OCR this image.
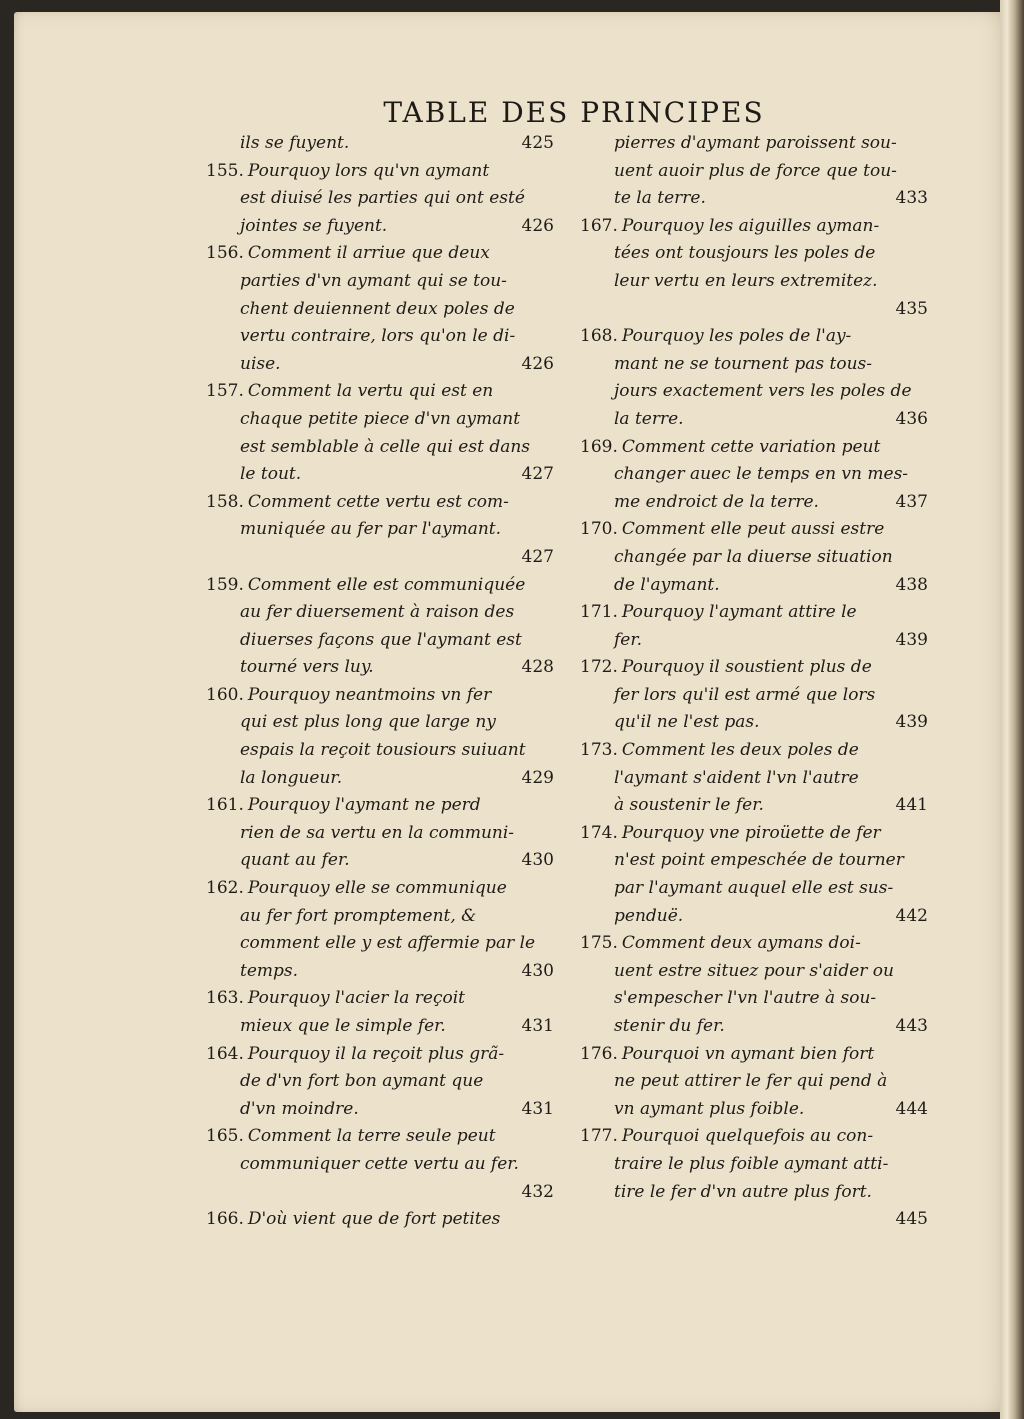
TABLE DES PRINCIPES
ils se fuyent.	425
155. Pourquoy lors qu'vn aymant
est diuisé les parties qui ont esté
jointes se fuyent.	426
156. Comment il arriue que deux
parties d'vn aymant qui se tou-
chent deuiennent deux poles de
vertu contraire, lors qu'on le di-
uise.	426
157. Comment la vertu qui est en
chaque petite piece d'vn aymant
est semblable à celle qui est dans
le tout.	427
158. Comment cette vertu est com-
muniquée au fer par l'aymant.
427
159. Comment elle est communiquée
au fer diuersement à raison des
diuerses façons que l'aymant est
tourné vers luy.	428
160. Pourquoy neantmoins vn fer
qui est plus long que large ny
espais la reçoit tousiours suiuant
la longueur.	429
161. Pourquoy l'aymant ne perd
rien de sa vertu en la communi-
quant au fer.	430
162. Pourquoy elle se communique
au fer fort promptement, &
comment elle y est affermie par le
temps.	430
163. Pourquoy l'acier la reçoit
mieux que le simple fer.	431
164. Pourquoy il la reçoit plus grã-
de d'vn fort bon aymant que
d'vn moindre.	431
165. Comment la terre seule peut
communiquer cette vertu au fer.
432
166. D'où vient que de fort petites
pierres d'aymant paroissent sou-
uent auoir plus de force que tou-
te la terre.	433
167. Pourquoy les aiguilles ayman-
tées ont tousjours les poles de
leur vertu en leurs extremitez.
435
168. Pourquoy les poles de l'ay-
mant ne se tournent pas tous-
jours exactement vers les poles de
la terre.	436
169. Comment cette variation peut
changer auec le temps en vn mes-
me endroict de la terre.	437
170. Comment elle peut aussi estre
changée par la diuerse situation
de l'aymant.	438
171. Pourquoy l'aymant attire le
fer.	439
172. Pourquoy il soustient plus de
fer lors qu'il est armé que lors
qu'il ne l'est pas.	439
173. Comment les deux poles de
l'aymant s'aident l'vn l'autre
à soustenir le fer.	441
174. Pourquoy vne piroüette de fer
n'est point empeschée de tourner
par l'aymant auquel elle est sus-
penduë.	442
175. Comment deux aymans doi-
uent estre situez pour s'aider ou
s'empescher l'vn l'autre à sou-
stenir du fer.	443
176. Pourquoi vn aymant bien fort
ne peut attirer le fer qui pend à
vn aymant plus foible.	444
177. Pourquoi quelquefois au con-
traire le plus foible aymant atti-
tire le fer d'vn autre plus fort.
445
